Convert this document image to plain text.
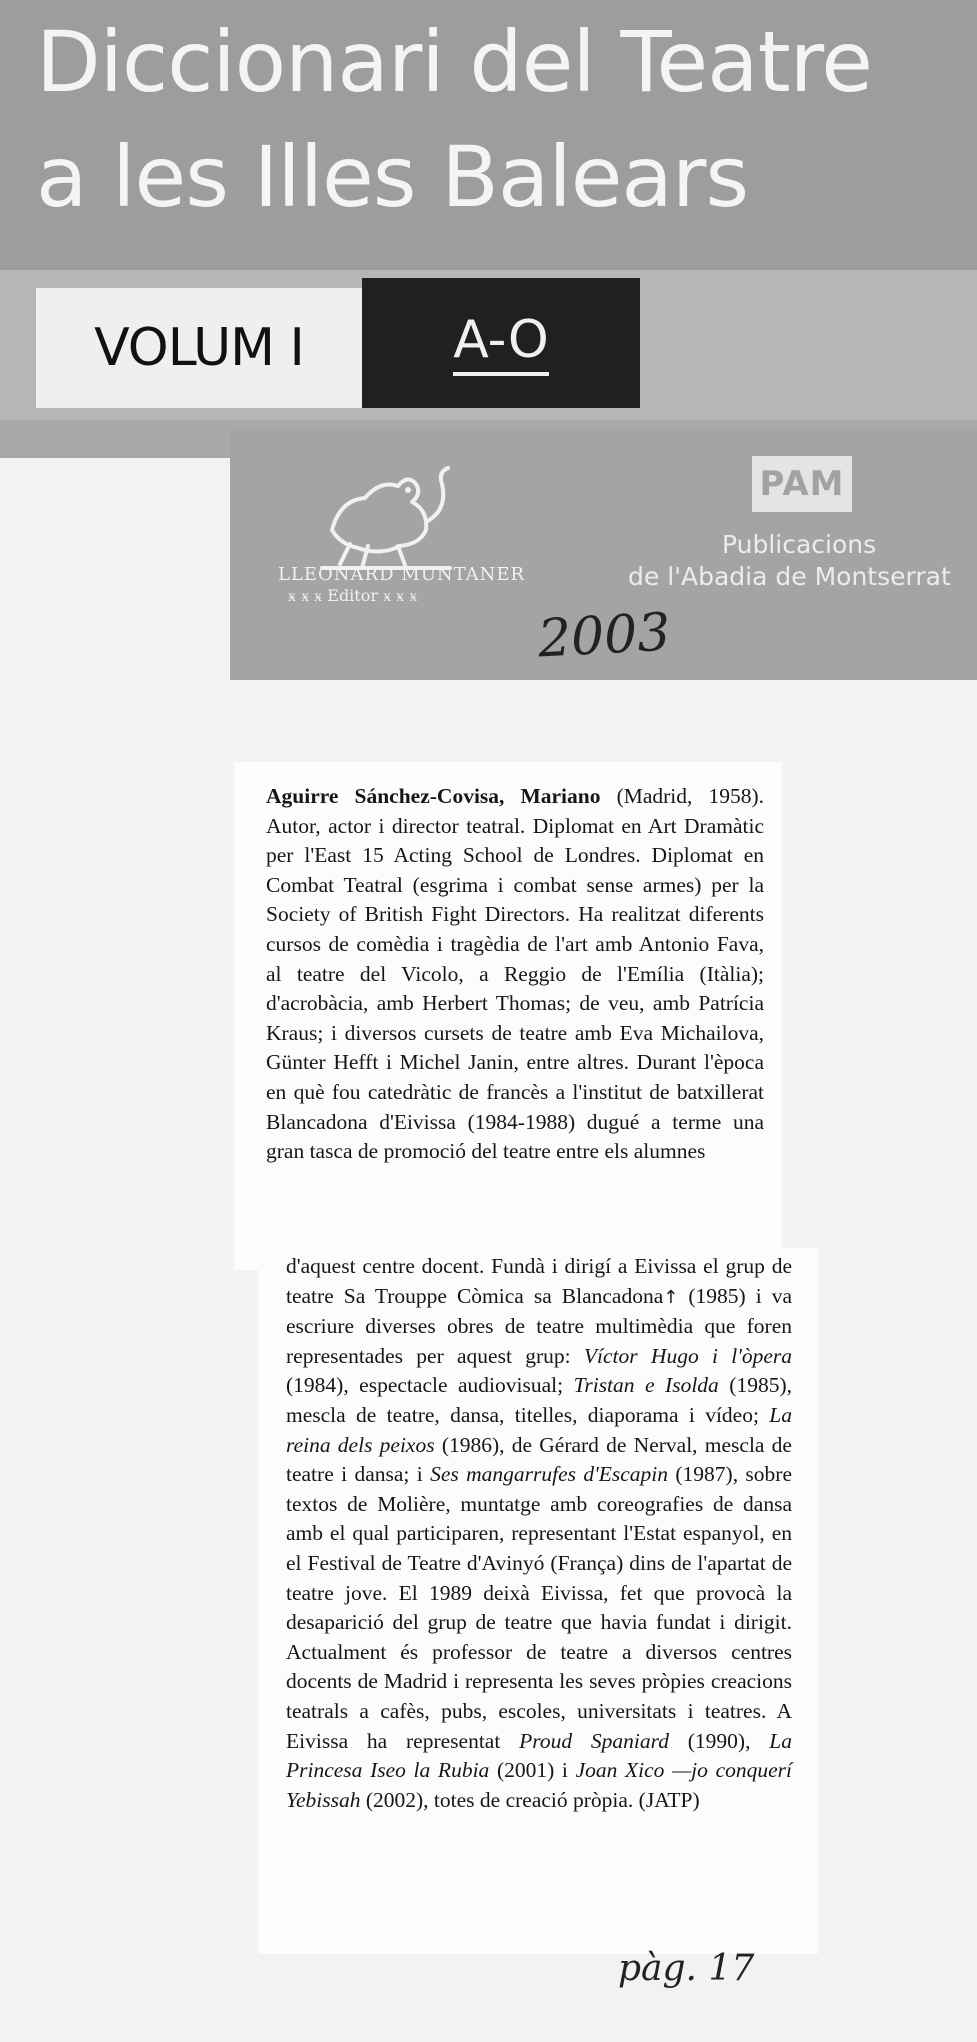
Diccionari del Teatre
a les Illes Balears
A-O
VOLUM I
LLEONARD MUNTANER
ӿ ӿ ӿ Editor ӿ ӿ ӿ
PAM
Publicacions
de l'Abadia de Montserrat
2003

Aguirre Sánchez-Covisa, Mariano (Madrid, 1958). Autor, actor i director teatral. Diplomat en Art Dramàtic per l'East 15 Acting School de Londres. Diplomat en Combat Teatral (esgrima i combat sense armes) per la Society of British Fight Directors. Ha realitzat diferents cursos de comèdia i tragèdia de l'art amb Antonio Fava, al teatre del Vicolo, a Reggio de l'Emília (Itàlia); d'acrobàcia, amb Herbert Thomas; de veu, amb Patrícia Kraus; i diversos cursets de teatre amb Eva Michailova, Günter Hefft i Michel Janin, entre altres. Durant l'època en què fou catedràtic de francès a l'institut de batxillerat Blancadona d'Eivissa (1984-1988) dugué a terme una gran tasca de promoció del teatre entre els alumnes

d'aquest centre docent. Fundà i dirigí a Eivissa el grup de teatre Sa Trouppe Còmica sa Blancadona↑ (1985) i va escriure diverses obres de teatre multimèdia que foren representades per aquest grup: Víctor Hugo i l'òpera (1984), espectacle audiovisual; Tristan e Isolda (1985), mescla de teatre, dansa, titelles, diaporama i vídeo; La reina dels peixos (1986), de Gérard de Nerval, mescla de teatre i dansa; i Ses mangarrufes d'Escapin (1987), sobre textos de Molière, muntatge amb coreografies de dansa amb el qual participaren, representant l'Estat espanyol, en el Festival de Teatre d'Avinyó (França) dins de l'apartat de teatre jove. El 1989 deixà Eivissa, fet que provocà la desaparició del grup de teatre que havia fundat i dirigit. Actualment és professor de teatre a diversos centres docents de Madrid i representa les seves pròpies creacions teatrals a cafès, pubs, escoles, universitats i teatres. A Eivissa ha representat Proud Spaniard (1990), La Princesa Iseo la Rubia (2001) i Joan Xico —jo conquerí Yebissah (2002), totes de creació pròpia. (JATP)

pàg. 17
